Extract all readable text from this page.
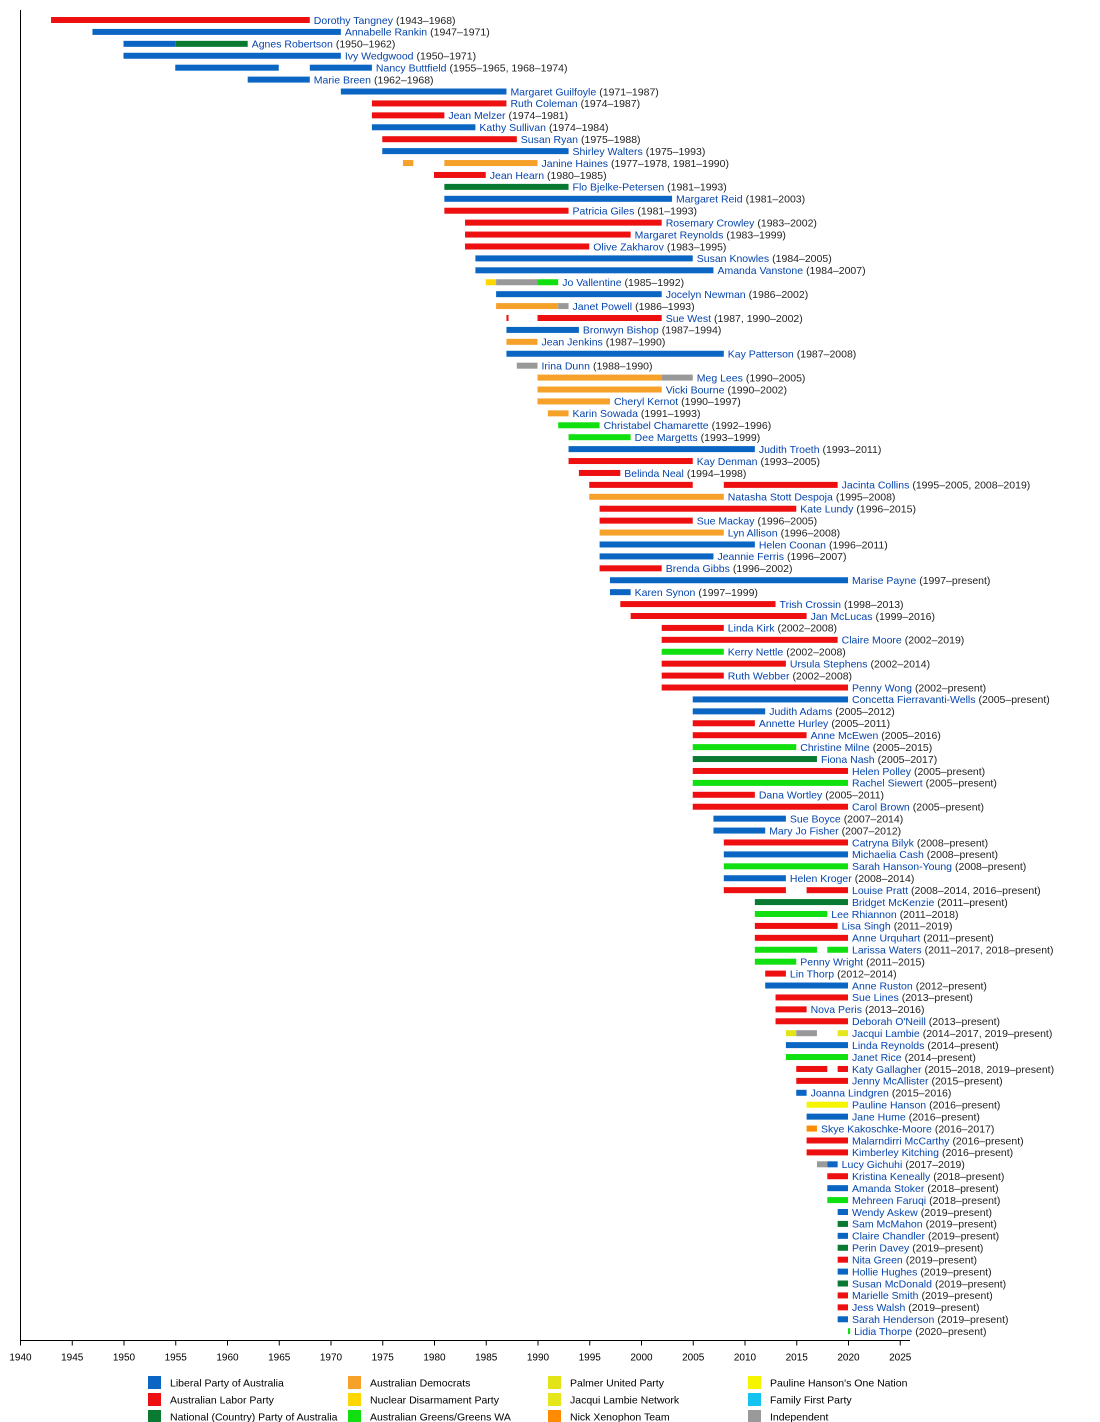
Dorothy Tangney (1943–1968)
Annabelle Rankin (1947–1971)
Agnes Robertson (1950–1962)
Ivy Wedgwood (1950–1971)
Nancy Buttfield (1955–1965, 1968–1974)
Marie Breen (1962–1968)
Margaret Guilfoyle (1971–1987)
Ruth Coleman (1974–1987)
Jean Melzer (1974–1981)
Kathy Sullivan (1974–1984)
Susan Ryan (1975–1988)
Shirley Walters (1975–1993)
Janine Haines (1977–1978, 1981–1990)
Jean Hearn (1980–1985)
Flo Bjelke-Petersen (1981–1993)
Margaret Reid (1981–2003)
Patricia Giles (1981–1993)
Rosemary Crowley (1983–2002)
Margaret Reynolds (1983–1999)
Olive Zakharov (1983–1995)
Susan Knowles (1984–2005)
Amanda Vanstone (1984–2007)
Jo Vallentine (1985–1992)
Jocelyn Newman (1986–2002)
Janet Powell (1986–1993)
Sue West (1987, 1990–2002)
Bronwyn Bishop (1987–1994)
Jean Jenkins (1987–1990)
Kay Patterson (1987–2008)
Irina Dunn (1988–1990)
Meg Lees (1990–2005)
Vicki Bourne (1990–2002)
Cheryl Kernot (1990–1997)
Karin Sowada (1991–1993)
Christabel Chamarette (1992–1996)
Dee Margetts (1993–1999)
Judith Troeth (1993–2011)
Kay Denman (1993–2005)
Belinda Neal (1994–1998)
Jacinta Collins (1995–2005, 2008–2019)
Natasha Stott Despoja (1995–2008)
Kate Lundy (1996–2015)
Sue Mackay (1996–2005)
Lyn Allison (1996–2008)
Helen Coonan (1996–2011)
Jeannie Ferris (1996–2007)
Brenda Gibbs (1996–2002)
Marise Payne (1997–present)
Karen Synon (1997–1999)
Trish Crossin (1998–2013)
Jan McLucas (1999–2016)
Linda Kirk (2002–2008)
Claire Moore (2002–2019)
Kerry Nettle (2002–2008)
Ursula Stephens (2002–2014)
Ruth Webber (2002–2008)
Penny Wong (2002–present)
Concetta Fierravanti-Wells (2005–present)
Judith Adams (2005–2012)
Annette Hurley (2005–2011)
Anne McEwen (2005–2016)
Christine Milne (2005–2015)
Fiona Nash (2005–2017)
Helen Polley (2005–present)
Rachel Siewert (2005–present)
Dana Wortley (2005–2011)
Carol Brown (2005–present)
Sue Boyce (2007–2014)
Mary Jo Fisher (2007–2012)
Catryna Bilyk (2008–present)
Michaelia Cash (2008–present)
Sarah Hanson-Young (2008–present)
Helen Kroger (2008–2014)
Louise Pratt (2008–2014, 2016–present)
Bridget McKenzie (2011–present)
Lee Rhiannon (2011–2018)
Lisa Singh (2011–2019)
Anne Urquhart (2011–present)
Larissa Waters (2011–2017, 2018–present)
Penny Wright (2011–2015)
Lin Thorp (2012–2014)
Anne Ruston (2012–present)
Sue Lines (2013–present)
Nova Peris (2013–2016)
Deborah O'Neill (2013–present)
Jacqui Lambie (2014–2017, 2019–present)
Linda Reynolds (2014–present)
Janet Rice (2014–present)
Katy Gallagher (2015–2018, 2019–present)
Jenny McAllister (2015–present)
Joanna Lindgren (2015–2016)
Pauline Hanson (2016–present)
Jane Hume (2016–present)
Skye Kakoschke-Moore (2016–2017)
Malarndirri McCarthy (2016–present)
Kimberley Kitching (2016–present)
Lucy Gichuhi (2017–2019)
Kristina Keneally (2018–present)
Amanda Stoker (2018–present)
Mehreen Faruqi (2018–present)
Wendy Askew (2019–present)
Sam McMahon (2019–present)
Claire Chandler (2019–present)
Perin Davey (2019–present)
Nita Green (2019–present)
Hollie Hughes (2019–present)
Susan McDonald (2019–present)
Marielle Smith (2019–present)
Jess Walsh (2019–present)
Sarah Henderson (2019–present)
Lidia Thorpe (2020–present)
1940	1945	1950	1955	1960	1965	1970	1975	1980	1985	1990	1995	2000	2005	2010	2015	2020	2025
Liberal Party of Australia
Australian Labor Party
National (Country) Party of Australia
Australian Democrats
Nuclear Disarmament Party
Australian Greens/Greens WA
Palmer United Party
Jacqui Lambie Network
Nick Xenophon Team
Pauline Hanson's One Nation
Family First Party
Independent
